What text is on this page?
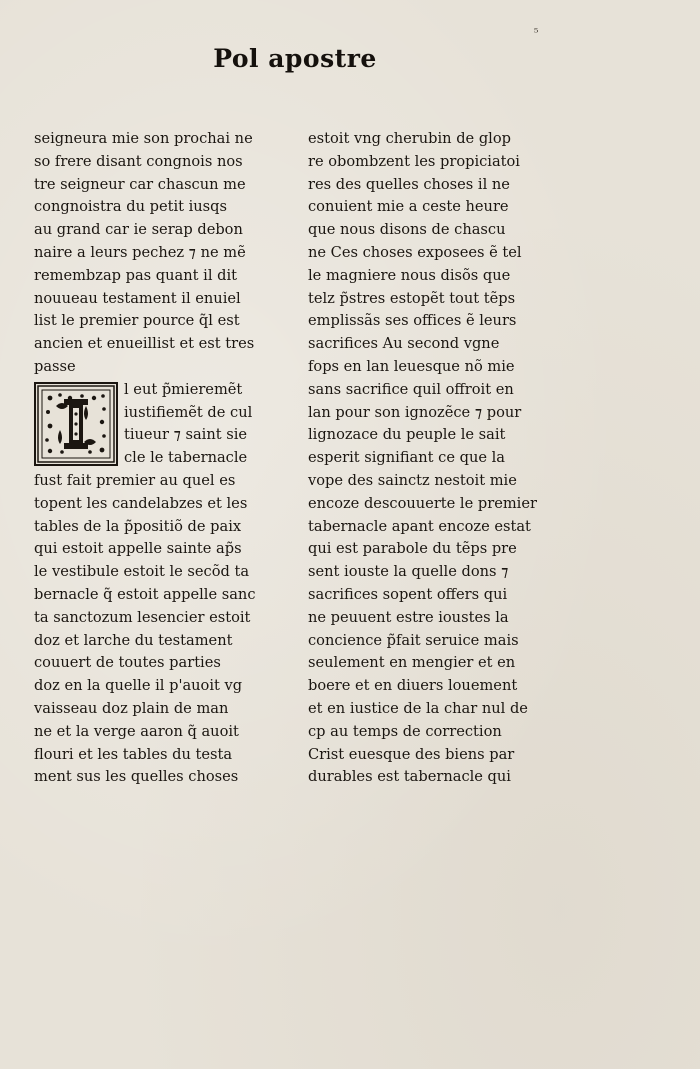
⁵
Pol apostre
seigneura mie son prochai ne
so frere disant congnois nos
tre seigneur car chascun me
congnoistra du petit iusqs
au grand car ie serap debon
naire a leurs pechez ⁊ ne mẽ
remembzap pas quant il dit
nouueau testament il enuiel
list le premier pource q̃l est
ancien et enueillist et est tres
passe
l eut p̃mieremẽt
iustifiemẽt de cul
tiueur ⁊ saint sie
cle le tabernacle
fust fait premier au quel es
topent les candelabzes et les
tables de la p̃positiõ de paix
qui estoit appelle sainte ap̃s
le vestibule estoit le secõd ta
bernacle q̃ estoit appelle sanc
ta sanctozum lesencier estoit
doz et larche du testament
couuert de toutes parties
doz en la quelle il p'auoit vg
vaisseau doz plain de man
ne et la verge aaron q̃ auoit
flouri et les tables du testa
ment sus les quelles choses
estoit vng cherubin de glop
re obombzent les propiciatoi
res des quelles choses il ne
conuient mie a ceste heure
que nous disons de chascu
ne Ces choses exposees ẽ tel
le magniere nous disõs que
telz p̃stres estopẽt tout tẽps
emplissãs ses offices ẽ leurs
sacrifices Au second vgne
fops en lan leuesque nõ mie
sans sacrifice quil offroit en
lan pour son ignozẽce ⁊ pour
lignozace du peuple le sait
esperit signifiant ce que la
vope des sainctz nestoit mie
encoze descouuerte le premier
tabernacle apant encoze estat
qui est parabole du tẽps pre
sent iouste la quelle dons ⁊
sacrifices sopent offers qui
ne peuuent estre ioustes la
concience p̃fait seruice mais
seulement en mengier et en
boere et en diuers louement
et en iustice de la char nul de
cp au temps de correction
Crist euesque des biens par
durables est tabernacle qui
